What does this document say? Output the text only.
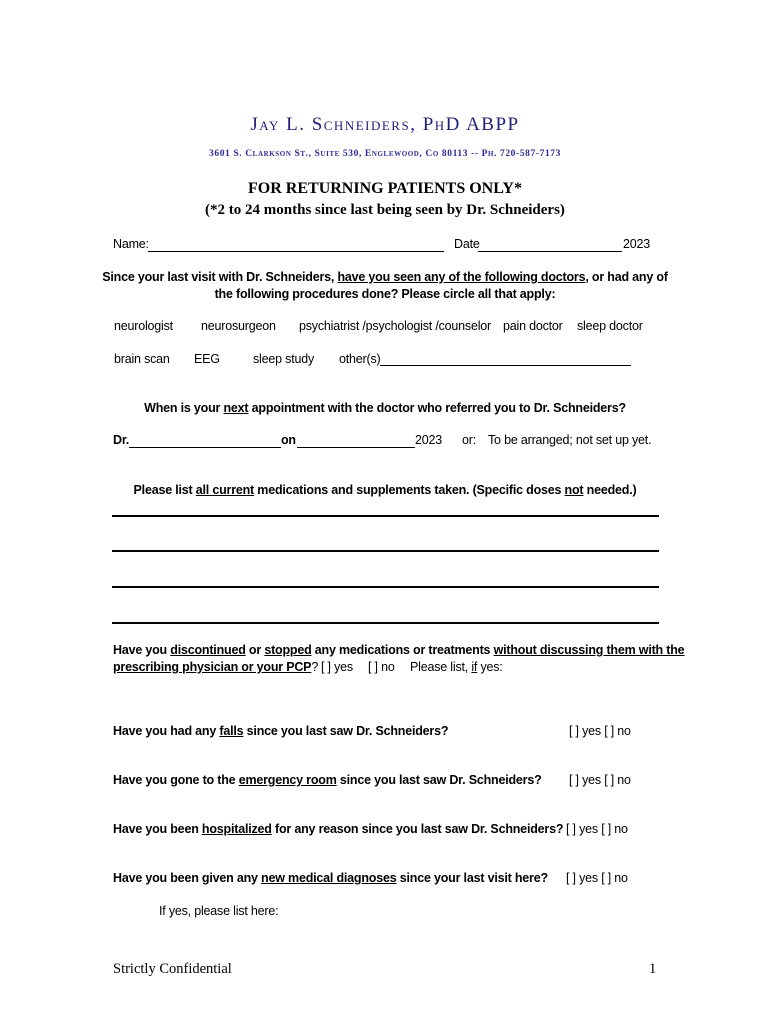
Jay L. Schneiders, PhD ABPP
3601 S. Clarkson St., Suite 530, Englewood, Co 80113 -- Ph. 720-587-7173
FOR RETURNING PATIENTS ONLY*
(*2 to 24 months since last being seen by Dr. Schneiders)
Name:	Date	2023
Since your last visit with Dr. Schneiders, have you seen any of the following doctors, or had any of
the following procedures done? Please circle all that apply:
neurologist neurosurgeon psychiatrist /psychologist /counselor pain doctor sleep doctor
brain scan EEG	sleep study other(s)
When is your next appointment with the doctor who referred you to Dr. Schneiders?
Dr.	on	2023 or: To be arranged; not set up yet.
Please list all current medications and supplements taken. (Specific doses not needed.)
Have you discontinued or stopped any medications or treatments without discussing them with the
prescribing physician or your PCP? [ ] yes [ ] no Please list, if yes:
Have you had any falls since you last saw Dr. Schneiders?	[ ] yes [ ] no
Have you gone to the emergency room since you last saw Dr. Schneiders? [ ] yes [ ] no
Have you been hospitalized for any reason since you last saw Dr. Schneiders? [ ] yes [ ] no
Have you been given any new medical diagnoses since your last visit here? [ ] yes [ ] no
If yes, please list here:
Strictly Confidential	1
